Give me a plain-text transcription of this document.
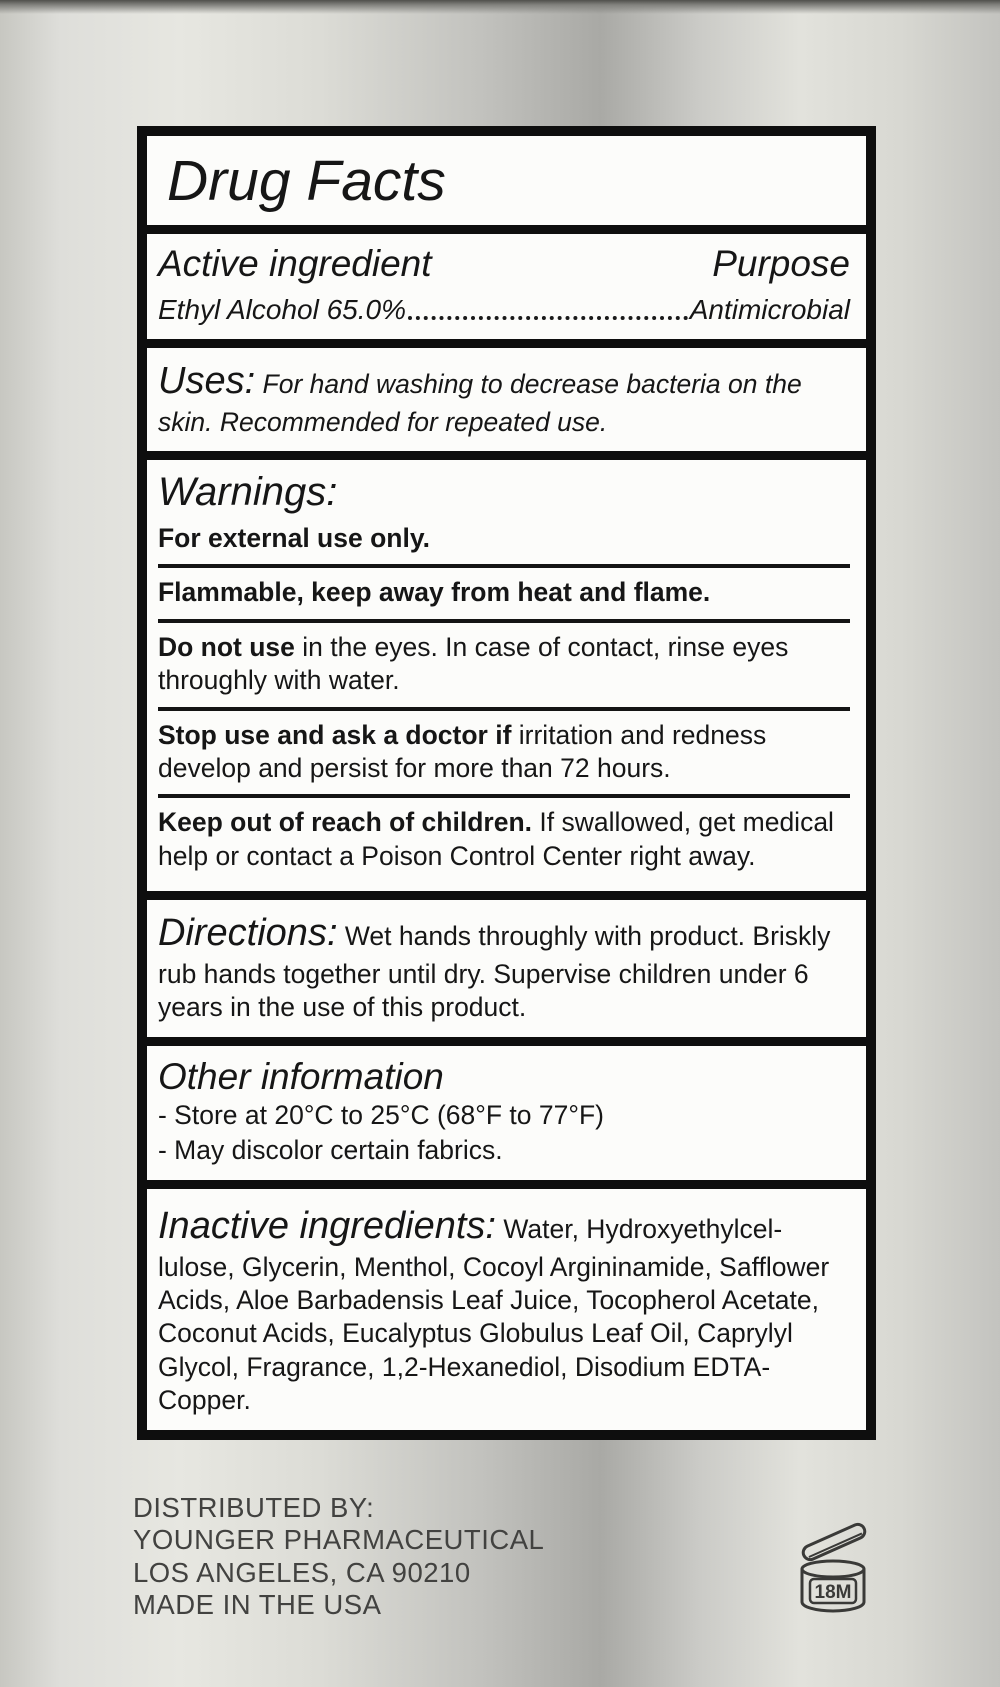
Drug Facts
Active ingredient	Purpose
Ethyl Alcohol 65.0%	Antimicrobial

Uses: For hand washing to decrease bacteria on the skin. Recommended for repeated use.

Warnings:

For external use only.

Flammable, keep away from heat and flame.

Do not use in the eyes. In case of contact, rinse eyes throughly with water.

Stop use and ask a doctor if irritation and redness develop and persist for more than 72 hours.

Keep out of reach of children. If swallowed, get medical help or contact a Poison Control Center right away.

Directions: Wet hands throughly with product. Briskly rub hands together until dry. Supervise children under 6 years in the use of this product.

Other information

- Store at 20°C to 25°C (68°F to 77°F)

- May discolor certain fabrics.

Inactive ingredients: Water, Hydroxyethylcel-lulose, Glycerin, Menthol, Cocoyl Argininamide, Safflower Acids, Aloe Barbadensis Leaf Juice, Tocopherol Acetate, Coconut Acids, Eucalyptus Globulus Leaf Oil, Caprylyl Glycol, Fragrance, 1,2-Hexanediol, Disodium EDTA-Copper.

DISTRIBUTED BY:
YOUNGER PHARMACEUTICAL
LOS ANGELES, CA 90210
MADE IN THE USA	18M
